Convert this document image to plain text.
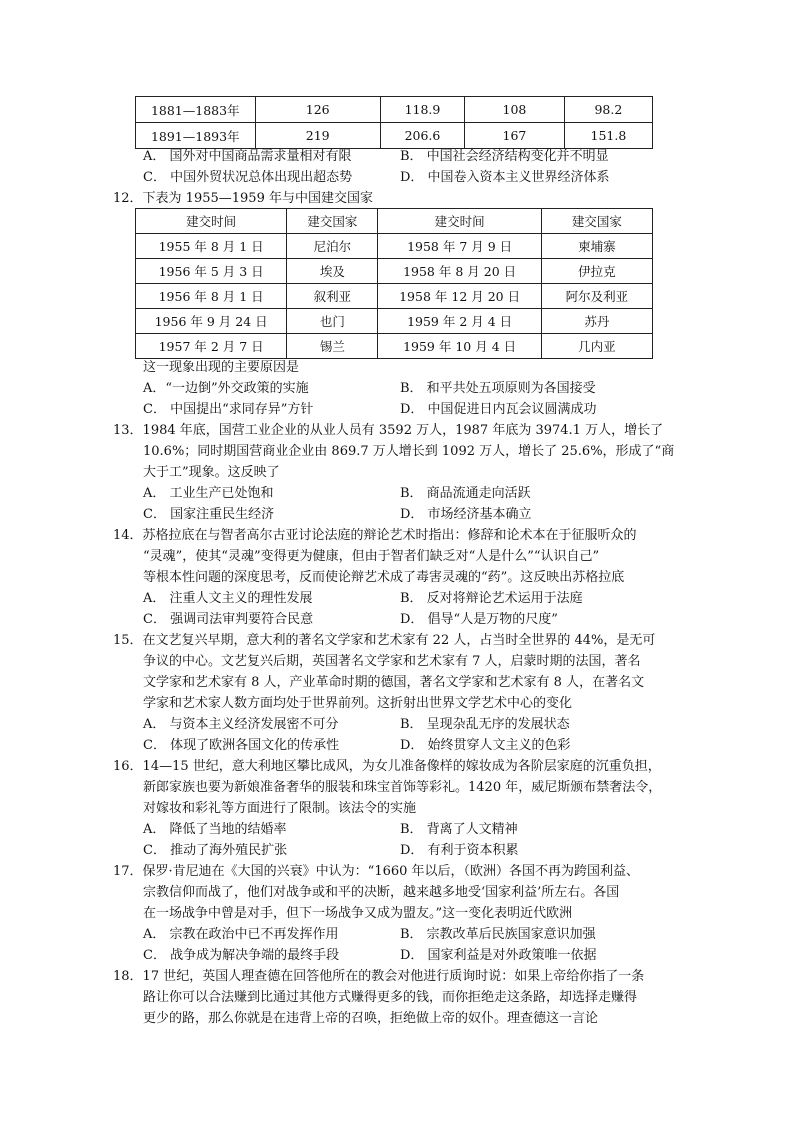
1881—1883年	126	118.9	108	98.2
1891—1893年	219	206.6	167	151.8
A． 国外对中国商品需求量相对有限	B． 中国社会经济结构变化并不明显
C． 中国外贸状况总体出现出超态势	D． 中国卷入资本主义世界经济体系
12．下表为 1955—1959 年与中国建交国家
建交时间	建交国家	建交时间	建交国家
1955 年 8 月 1 日	尼泊尔	1958 年 7 月 9 日	柬埔寨
1956 年 5 月 3 日	埃及	1958 年 8 月 20 日	伊拉克
1956 年 8 月 1 日	叙利亚	1958 年 12 月 20 日	阿尔及利亚
1956 年 9 月 24 日	也门	1959 年 2 月 4 日	苏丹
1957 年 2 月 7 日	锡兰	1959 年 10 月 4 日	几内亚
这一现象出现的主要原因是
A．“一边倒”外交政策的实施	B． 和平共处五项原则为各国接受
C． 中国提出“求同存异”方针	D． 中国促进日内瓦会议圆满成功
13．1984 年底，国营工业企业的从业人员有 3592 万人，1987 年底为 3974.1 万人，增长了
10.6%；同时期国营商业企业由 869.7 万人增长到 1092 万人，增长了 25.6%，形成了“商
大于工”现象。这反映了
A． 工业生产已处饱和	B． 商品流通走向活跃
C． 国家注重民生经济	D． 市场经济基本确立
14．苏格拉底在与智者高尔古亚讨论法庭的辩论艺术时指出：修辞和论术本在于征服听众的
“灵魂”，使其“灵魂”变得更为健康，但由于智者们缺乏对“人是什么”“认识自己”
等根本性问题的深度思考，反而使论辩艺术成了毒害灵魂的“药”。这反映出苏格拉底
A． 注重人文主义的理性发展	B． 反对将辩论艺术运用于法庭
C． 强调司法审判要符合民意	D． 倡导“人是万物的尺度”
15．在文艺复兴早期，意大利的著名文学家和艺术家有 22 人，占当时全世界的 44%，是无可
争议的中心。文艺复兴后期，英国著名文学家和艺术家有 7 人，启蒙时期的法国，著名
文学家和艺术家有 8 人，产业革命时期的德国，著名文学家和艺术家有 8 人，在著名文
学家和艺术家人数方面均处于世界前列。这折射出世界文学艺术中心的变化
A． 与资本主义经济发展密不可分	B． 呈现杂乱无序的发展状态
C． 体现了欧洲各国文化的传承性	D． 始终贯穿人文主义的色彩
16．14—15 世纪，意大利地区攀比成风，为女儿准备像样的嫁妆成为各阶层家庭的沉重负担，
新郎家族也要为新娘准备奢华的服装和珠宝首饰等彩礼。1420 年，威尼斯颁布禁奢法令，
对嫁妆和彩礼等方面进行了限制。该法令的实施
A． 降低了当地的结婚率	B． 背离了人文精神
C． 推动了海外殖民扩张	D． 有利于资本积累
17．保罗·肯尼迪在《大国的兴衰》中认为：“1660 年以后，（欧洲）各国不再为跨国利益、
宗教信仰而战了，他们对战争或和平的决断，越来越多地受‘国家利益’所左右。各国
在一场战争中曾是对手，但下一场战争又成为盟友。”这一变化表明近代欧洲
A． 宗教在政治中已不再发挥作用	B． 宗教改革后民族国家意识加强
C． 战争成为解决争端的最终手段	D． 国家利益是对外政策唯一依据
18．17 世纪，英国人理查德在回答他所在的教会对他进行质询时说：如果上帝给你指了一条
路让你可以合法赚到比通过其他方式赚得更多的钱，而你拒绝走这条路，却选择走赚得
更少的路，那么你就是在违背上帝的召唤，拒绝做上帝的奴仆。理查德这一言论
